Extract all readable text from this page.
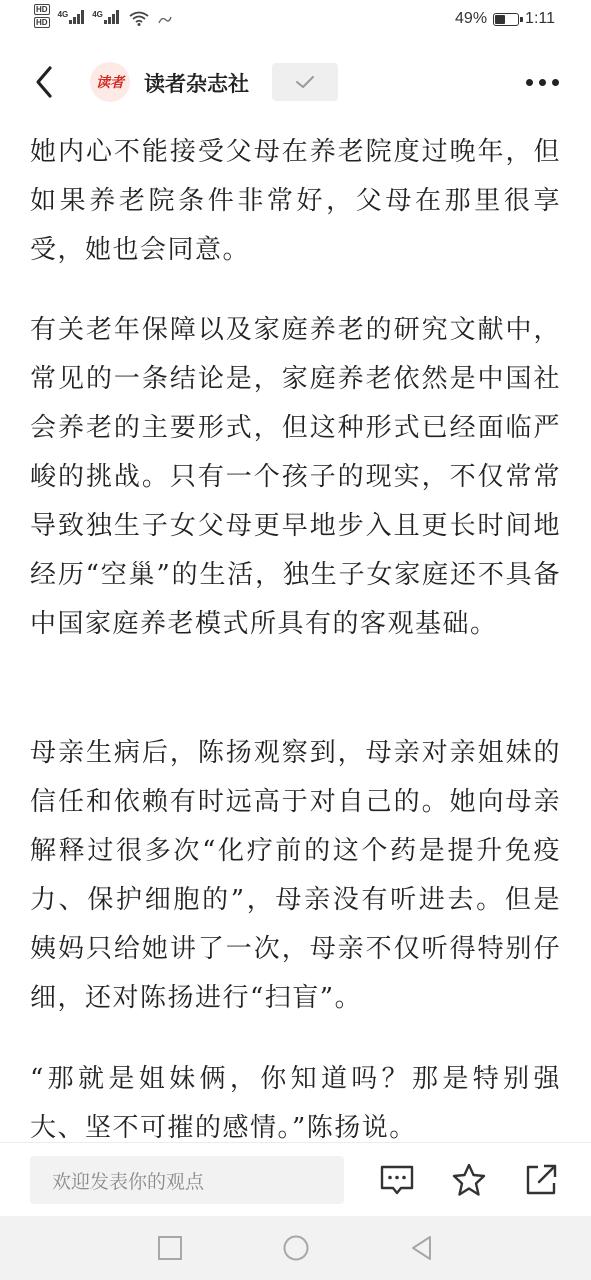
HD
HD
4G	4G	49% 1:11
读者 读者杂志社

她内心不能接受父母在养老院度过晚年，但如果养老院条件非常好，父母在那里很享受，她也会同意。

有关老年保障以及家庭养老的研究文献中，常见的一条结论是，家庭养老依然是中国社会养老的主要形式，但这种形式已经面临严峻的挑战。只有一个孩子的现实，不仅常常导致独生子女父母更早地步入且更长时间地经历“空巢”的生活，独生子女家庭还不具备中国家庭养老模式所具有的客观基础。

母亲生病后，陈扬观察到，母亲对亲姐妹的信任和依赖有时远高于对自己的。她向母亲解释过很多次“化疗前的这个药是提升免疫力、保护细胞的”，母亲没有听进去。但是姨妈只给她讲了一次，母亲不仅听得特别仔细，还对陈扬进行“扫盲”。

“那就是姐妹俩，你知道吗？那是特别强大、坚不可摧的感情。”陈扬说。

欢迎发表你的观点
